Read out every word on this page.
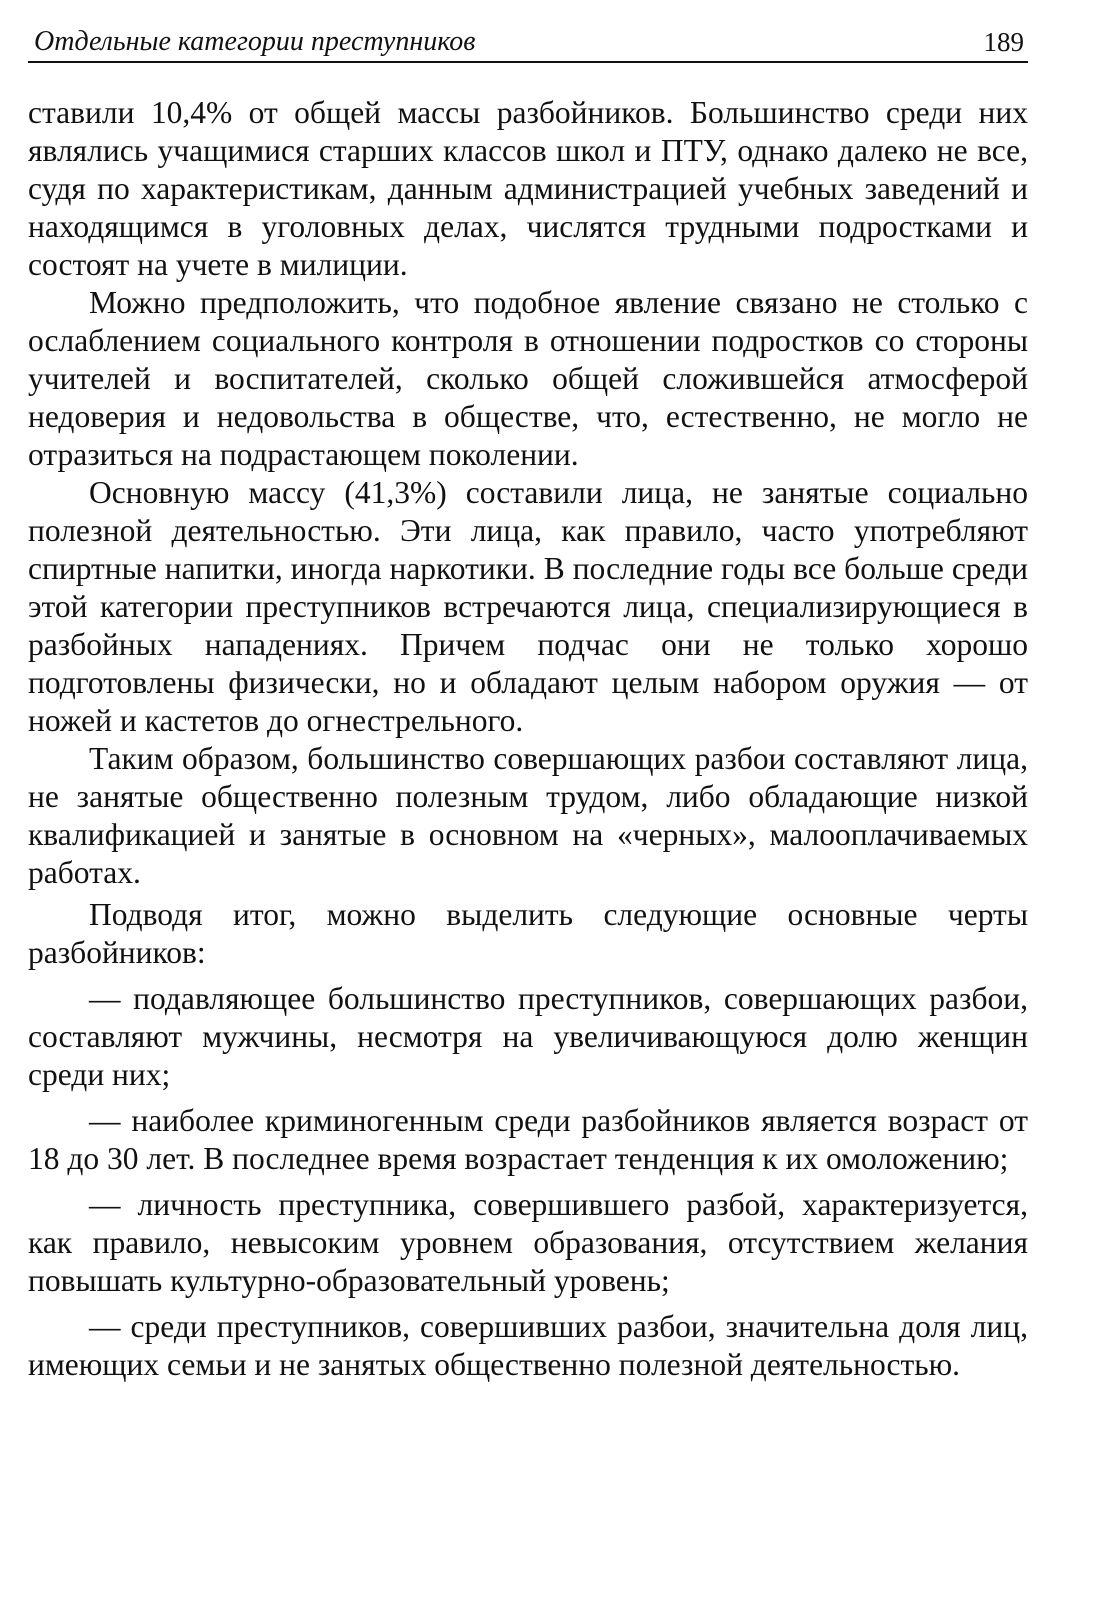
Отдельные категории преступников	189

ставили 10,4% от общей массы разбойников. Большинство среди них являлись учащимися старших классов школ и ПТУ, однако далеко не все, судя по характеристикам, данным администрацией учебных заведений и находящимся в уголовных делах, числятся трудными подростками и состоят на учете в милиции.

Можно предположить, что подобное явление связано не столько с ослаблением социального контроля в отношении подростков со стороны учителей и воспитателей, сколько общей сложившейся атмосферой недоверия и недовольства в обществе, что, естественно, не могло не отразиться на подрастающем поколении.

Основную массу (41,3%) составили лица, не занятые социально полезной деятельностью. Эти лица, как правило, часто употребляют спиртные напитки, иногда наркотики. В последние годы все больше среди этой категории преступников встречаются лица, специализирующиеся в разбойных нападениях. Причем подчас они не только хорошо подготовлены физически, но и обладают целым набором оружия — от ножей и кастетов до огнестрельного.

Таким образом, большинство совершающих разбои составляют лица, не занятые общественно полезным трудом, либо обладающие низкой квалификацией и занятые в основном на «черных», малооплачиваемых работах.

Подводя итог, можно выделить следующие основные черты разбойников:

— подавляющее большинство преступников, совершающих разбои, составляют мужчины, несмотря на увеличивающуюся долю женщин среди них;

— наиболее криминогенным среди разбойников является возраст от 18 до 30 лет. В последнее время возрастает тенденция к их омоложению;

— личность преступника, совершившего разбой, характеризуется, как правило, невысоким уровнем образования, отсутствием желания повышать культурно-образовательный уровень;

— среди преступников, совершивших разбои, значительна доля лиц, имеющих семьи и не занятых общественно полезной деятельностью.
